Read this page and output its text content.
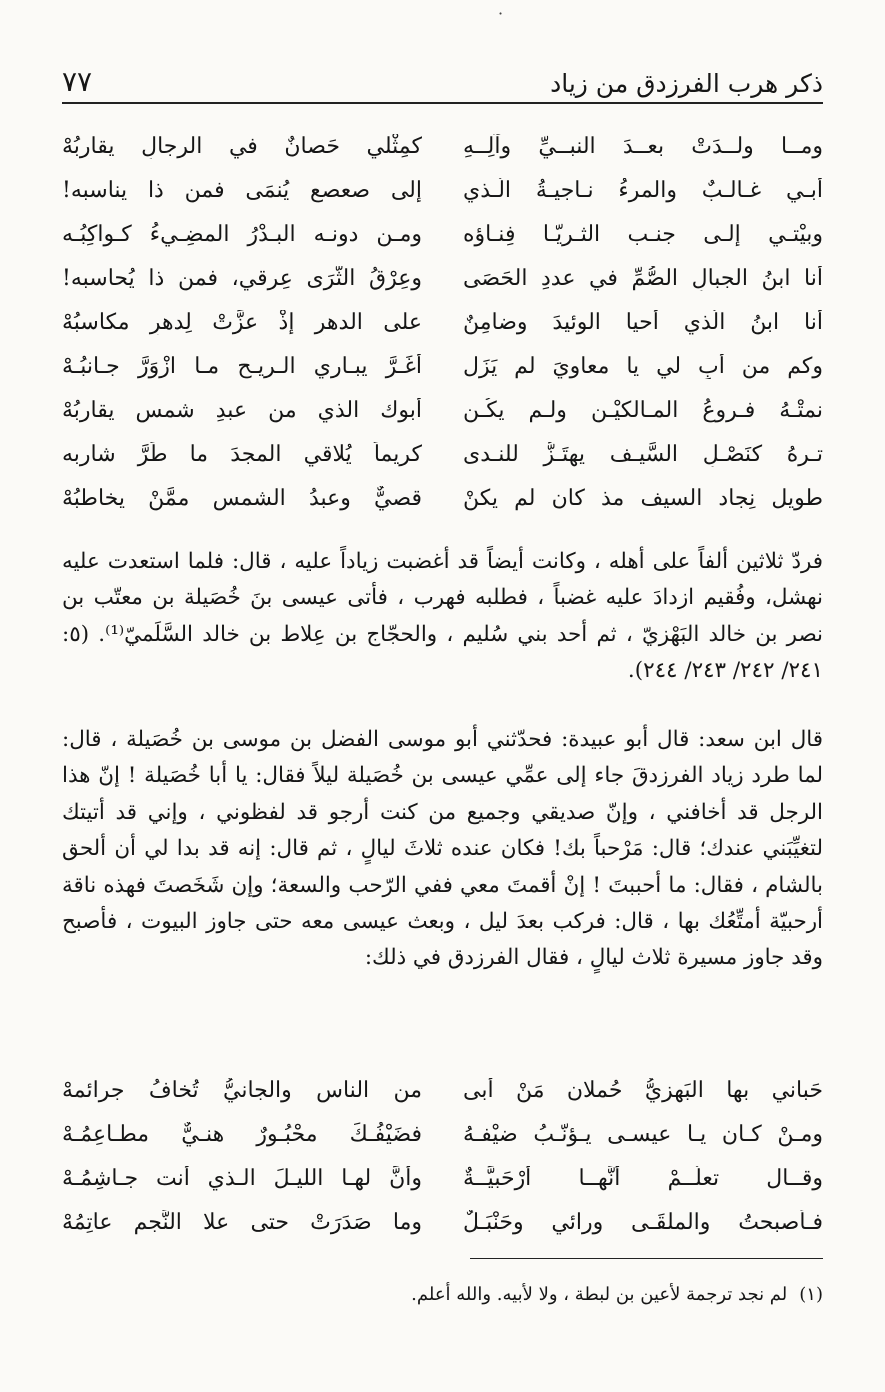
·
ذكر هرب الفرزدق من زياد
٧٧
ومــا ولــدَتْ بعــدَ النبــيِّ وآلِــهِ
كمِثْلي حَصانٌ في الرجالِ يقارِبُهْ
أبـي غـالـبٌ والمرءُ نـاجيـةُ الَّـذي
إلى صعصعٍ يُنمَى فمن ذا يناسبه!
وبيْتـي إلـى جنـب الثـريّـا فِنـاؤه
ومـن دونـه البـدْرُ المضِـيءُ كـواكِبُـه
أنا ابنُ الجبالِ الصُّمِّ في عددِ الحَصَى
وعِرْقُ الثَّرَى عِرقي، فمن ذا يُحاسبه!
أَنا ابنُ الَّذي أحيا الوئيدَ وضامِنٌ
على الدهرِ إذْ عزَّتْ لِدهرٍ مكاسبُهْ
وكم من أَبٍ لي يا معاوِيَ لم يَزَل
أغَـرَّ يبـاري الـريـح مـا ازْوَرَّ جـانبُـهْ
نمتْـهُ فـروعُ المـالكيْـنِ ولـم يكُـن
أبوك الذي من عبدِ شمسٍ يقاربُهْ
تـرهُ كنَصْـلِ السَّيـف يهتَـزُّ للنـدى
كريماً يُلاقي المجدَ ما طَرَّ شاربه
طويل نِجاد السيف مذ كان لم يكنْ
قصيٌّ وعبدُ الشمس ممَّنْ يخاطبُهْ

فردّ ثلاثين ألفاً على أهله ، وكانت أيضاً قد أغضبت زياداً عليه ، قال: فلما استعدت عليه نهشل، وفُقيم ازدادَ عليه غضباً ، فطلبه فهرب ، فأتى عيسى بنَ خُصَيلة بن معتّب بن نصر بن خالد البَهْزيّ ، ثم أحد بني سُليم ، والحجّاج بن عِلاط بن خالد السَّلَميّ⁽¹⁾. (٥: ٢٤١/ ٢٤٢/ ٢٤٣/ ٢٤٤).

قال ابن سعد: قال أبو عبيدة: فحدّثني أبو موسى الفضل بن موسى بن خُصَيلة ، قال: لما طرد زياد الفرزدقَ جاء إلى عمِّي عيسى بن خُصَيلة ليلاً فقال: يا أبا خُصَيلة ! إنّ هذا الرجل قد أخافني ، وإنّ صديقي وجميع من كنت أرجو قد لفظوني ، وإني قد أتيتك لتغيِّبَني عندك؛ قال: مَرْحباً بك! فكان عنده ثلاثَ ليالٍ ، ثم قال: إنه قد بدا لي أن ألحق بالشام ، فقال: ما أحببتَ ! إنْ أقمتَ معي ففي الرّحب والسعة؛ وإن شَخَصتَ فهذه ناقة أرحبيّة أمتِّعُك بها ، قال: فركب بعدَ ليل ، وبعث عيسى معه حتى جاوز البيوت ، فأصبح وقد جاوز مسيرة ثلاث ليالٍ ، فقال الفرزدق في ذلك:

حَباني بها البَهزيُّ حُملان مَنْ أبى
من الناس والجانيُّ تُخافُ جرائمهْ
ومـنْ كـان يـا عيسـى يـؤنّـبُ ضيْفـهُ
فضَيْفُـكَ محْبُـورٌ هنـيٌّ مطـاعِمُـهْ
وقــال تعلَّــمْ أنَّهــا أرْحَبيَّــةٌ
وأنَّ لهـا الليـلَ الـذي أنت جـاشِمُـهْ
فـأصبحتُ والملقَـى ورائي وحَنْبَـلٌ
وما صَدَرَتْ حتى علا النَّجم عاتِمُهْ
(١)لم نجد ترجمة لأعين بن لبطة ، ولا لأبيه. والله أعلم.
